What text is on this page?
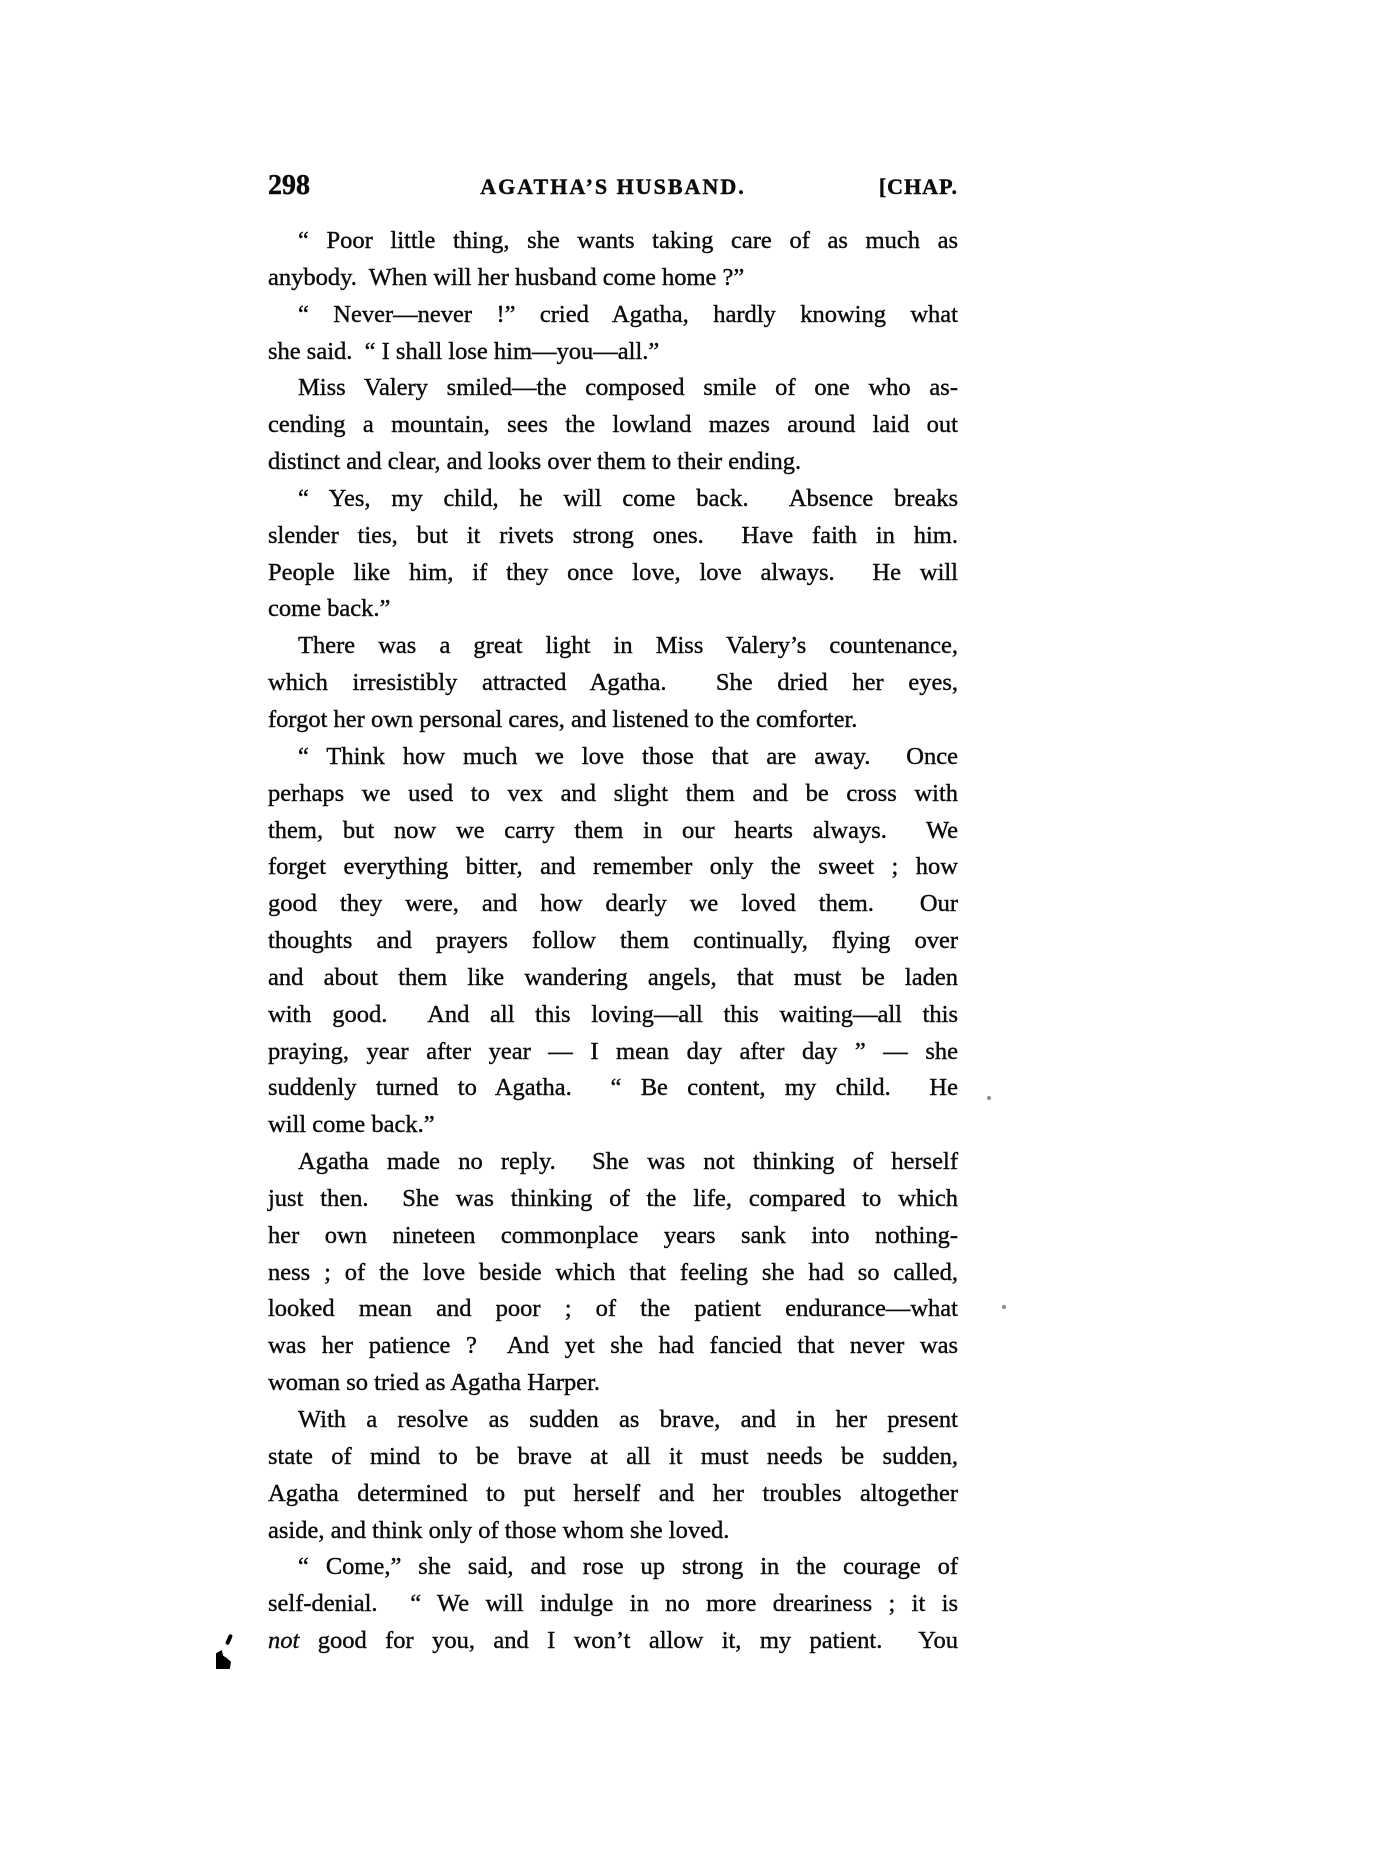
298	AGATHA’S HUSBAND.	[CHAP.
“ Poor little thing, she wants taking care of as much as
anybody.  When will her husband come home ?”
“ Never—never !” cried Agatha, hardly knowing what
she said.  “ I shall lose him—you—all.”
Miss Valery smiled—the composed smile of one who as-
cending a mountain, sees the lowland mazes around laid out
distinct and clear, and looks over them to their ending.
“ Yes, my child, he will come back.  Absence breaks
slender ties, but it rivets strong ones.  Have faith in him.
People like him, if they once love, love always.  He will
come back.”
There was a great light in Miss Valery’s countenance,
which irresistibly attracted Agatha.  She dried her eyes,
forgot her own personal cares, and listened to the comforter.
“ Think how much we love those that are away.  Once
perhaps we used to vex and slight them and be cross with
them, but now we carry them in our hearts always.  We
forget everything bitter, and remember only the sweet ; how
good they were, and how dearly we loved them.  Our
thoughts and prayers follow them continually, flying over
and about them like wandering angels, that must be laden
with good.  And all this loving—all this waiting—all this
praying, year after year — I mean day after day ” — she
suddenly turned to Agatha.  “ Be content, my child.  He
will come back.”
Agatha made no reply.  She was not thinking of herself
just then.  She was thinking of the life, compared to which
her own nineteen commonplace years sank into nothing-
ness ; of the love beside which that feeling she had so called,
looked mean and poor ; of the patient endurance—what
was her patience ?  And yet she had fancied that never was
woman so tried as Agatha Harper.
With a resolve as sudden as brave, and in her present
state of mind to be brave at all it must needs be sudden,
Agatha determined to put herself and her troubles altogether
aside, and think only of those whom she loved.
“ Come,” she said, and rose up strong in the courage of
self-denial.  “ We will indulge in no more dreariness ; it is
not good for you, and I won’t allow it, my patient.  You
